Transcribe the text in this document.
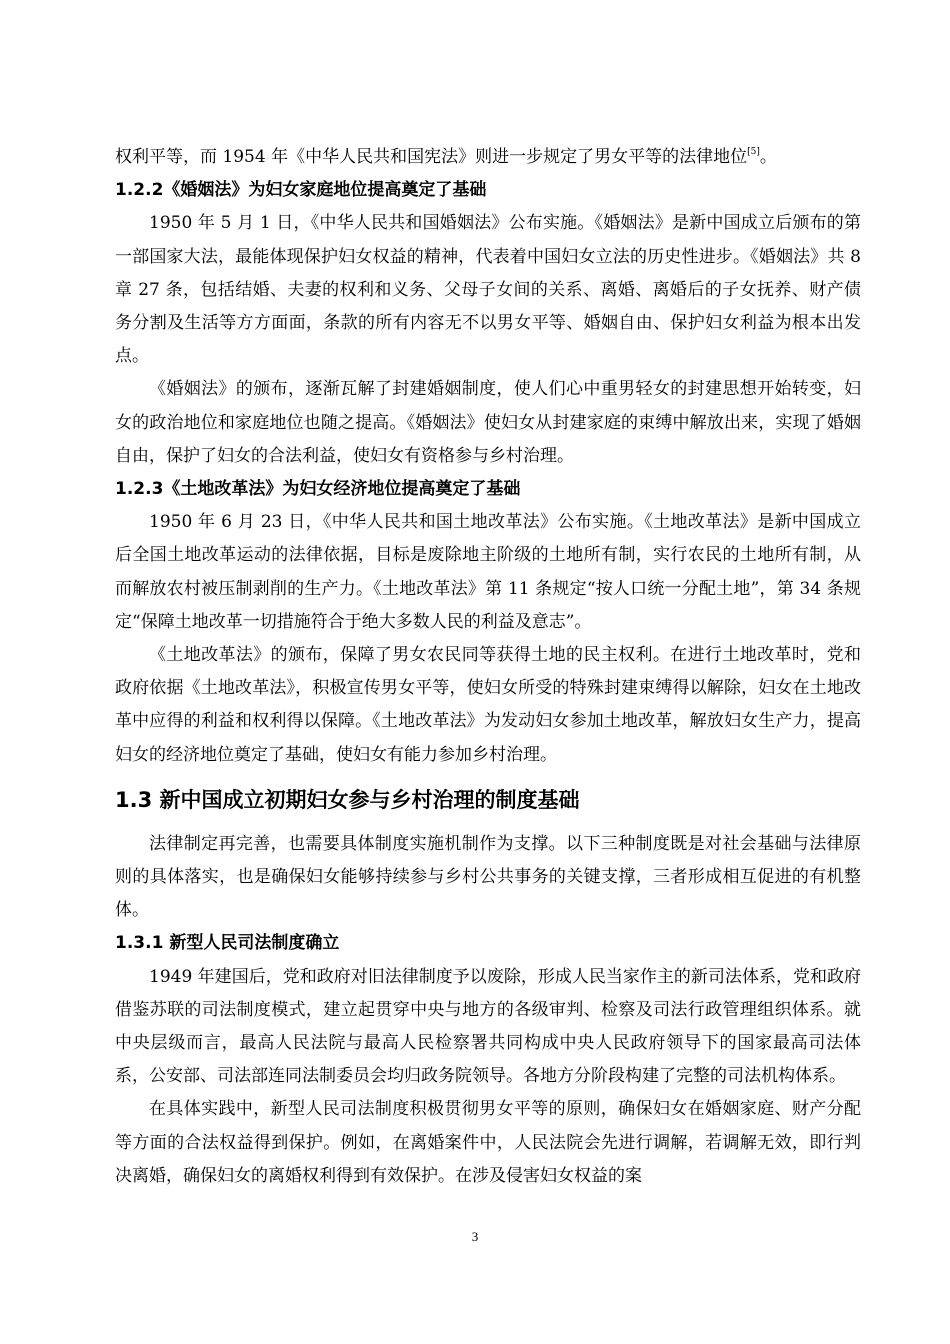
权利平等，而 1954 年《中华人民共和国宪法》则进一步规定了男女平等的法律地位[5]。

1.2.2《婚姻法》为妇女家庭地位提高奠定了基础

1950 年 5 月 1 日，《中华人民共和国婚姻法》公布实施。《婚姻法》是新中国成立后颁布的第一部国家大法，最能体现保护妇女权益的精神，代表着中国妇女立法的历史性进步。《婚姻法》共 8 章 27 条，包括结婚、夫妻的权利和义务、父母子女间的关系、离婚、离婚后的子女抚养、财产债务分割及生活等方方面面，条款的所有内容无不以男女平等、婚姻自由、保护妇女利益为根本出发点。

《婚姻法》的颁布，逐渐瓦解了封建婚姻制度，使人们心中重男轻女的封建思想开始转变，妇女的政治地位和家庭地位也随之提高。《婚姻法》使妇女从封建家庭的束缚中解放出来，实现了婚姻自由，保护了妇女的合法利益，使妇女有资格参与乡村治理。

1.2.3《土地改革法》为妇女经济地位提高奠定了基础

1950 年 6 月 23 日，《中华人民共和国土地改革法》公布实施。《土地改革法》是新中国成立后全国土地改革运动的法律依据，目标是废除地主阶级的土地所有制，实行农民的土地所有制，从而解放农村被压制剥削的生产力。《土地改革法》第 11 条规定“按人口统一分配土地”，第 34 条规定“保障土地改革一切措施符合于绝大多数人民的利益及意志”。

《土地改革法》的颁布，保障了男女农民同等获得土地的民主权利。在进行土地改革时，党和政府依据《土地改革法》，积极宣传男女平等，使妇女所受的特殊封建束缚得以解除，妇女在土地改革中应得的利益和权利得以保障。《土地改革法》为发动妇女参加土地改革，解放妇女生产力，提高妇女的经济地位奠定了基础，使妇女有能力参加乡村治理。

1.3 新中国成立初期妇女参与乡村治理的制度基础

法律制定再完善，也需要具体制度实施机制作为支撑。以下三种制度既是对社会基础与法律原则的具体落实，也是确保妇女能够持续参与乡村公共事务的关键支撑，三者形成相互促进的有机整体。

1.3.1 新型人民司法制度确立

1949 年建国后，党和政府对旧法律制度予以废除，形成人民当家作主的新司法体系，党和政府借鉴苏联的司法制度模式，建立起贯穿中央与地方的各级审判、检察及司法行政管理组织体系。就中央层级而言，最高人民法院与最高人民检察署共同构成中央人民政府领导下的国家最高司法体系，公安部、司法部连同法制委员会均归政务院领导。各地方分阶段构建了完整的司法机构体系。

在具体实践中，新型人民司法制度积极贯彻男女平等的原则，确保妇女在婚姻家庭、财产分配等方面的合法权益得到保护。例如，在离婚案件中，人民法院会先进行调解，若调解无效，即行判决离婚，确保妇女的离婚权利得到有效保护。在涉及侵害妇女权益的案

3
